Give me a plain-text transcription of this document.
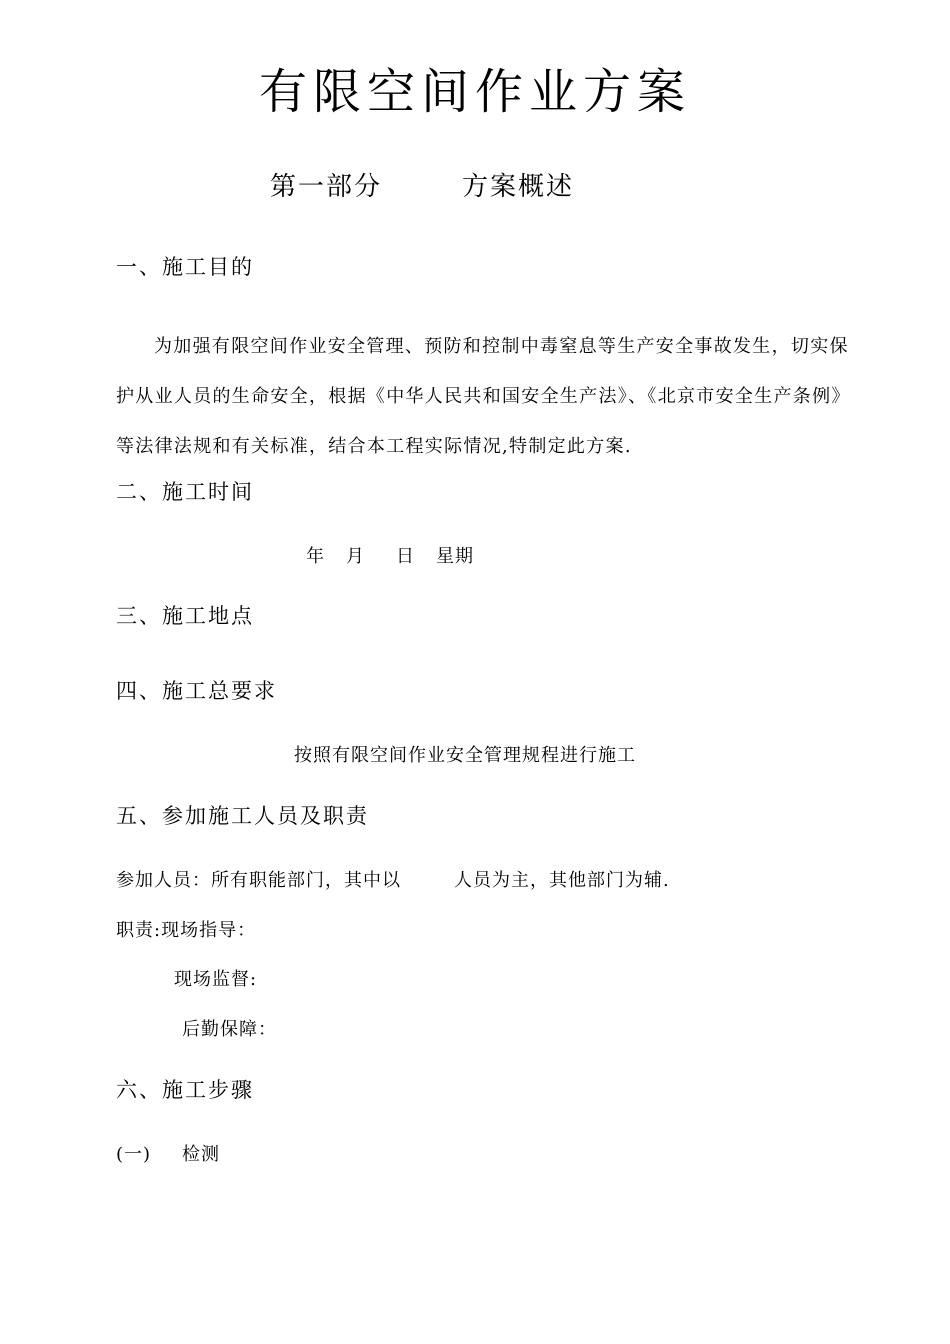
有限空间作业方案
第一部分	方案概述
一、施工目的
为加强有限空间作业安全管理、预防和控制中毒窒息等生产安全事故发生，切实保护从业人员的生命安全，根据《中华人民共和国安全生产法》、《北京市安全生产条例》等法律法规和有关标准，结合本工程实际情况,特制定此方案.
二、施工时间
年 月 日 星期
三、施工地点
四、施工总要求
按照有限空间作业安全管理规程进行施工
五、参加施工人员及职责
参加人员：所有职能部门，其中以	人员为主，其他部门为辅.
职责:现场指导：
现场监督:
后勤保障：
六、施工步骤
(一) 检测
